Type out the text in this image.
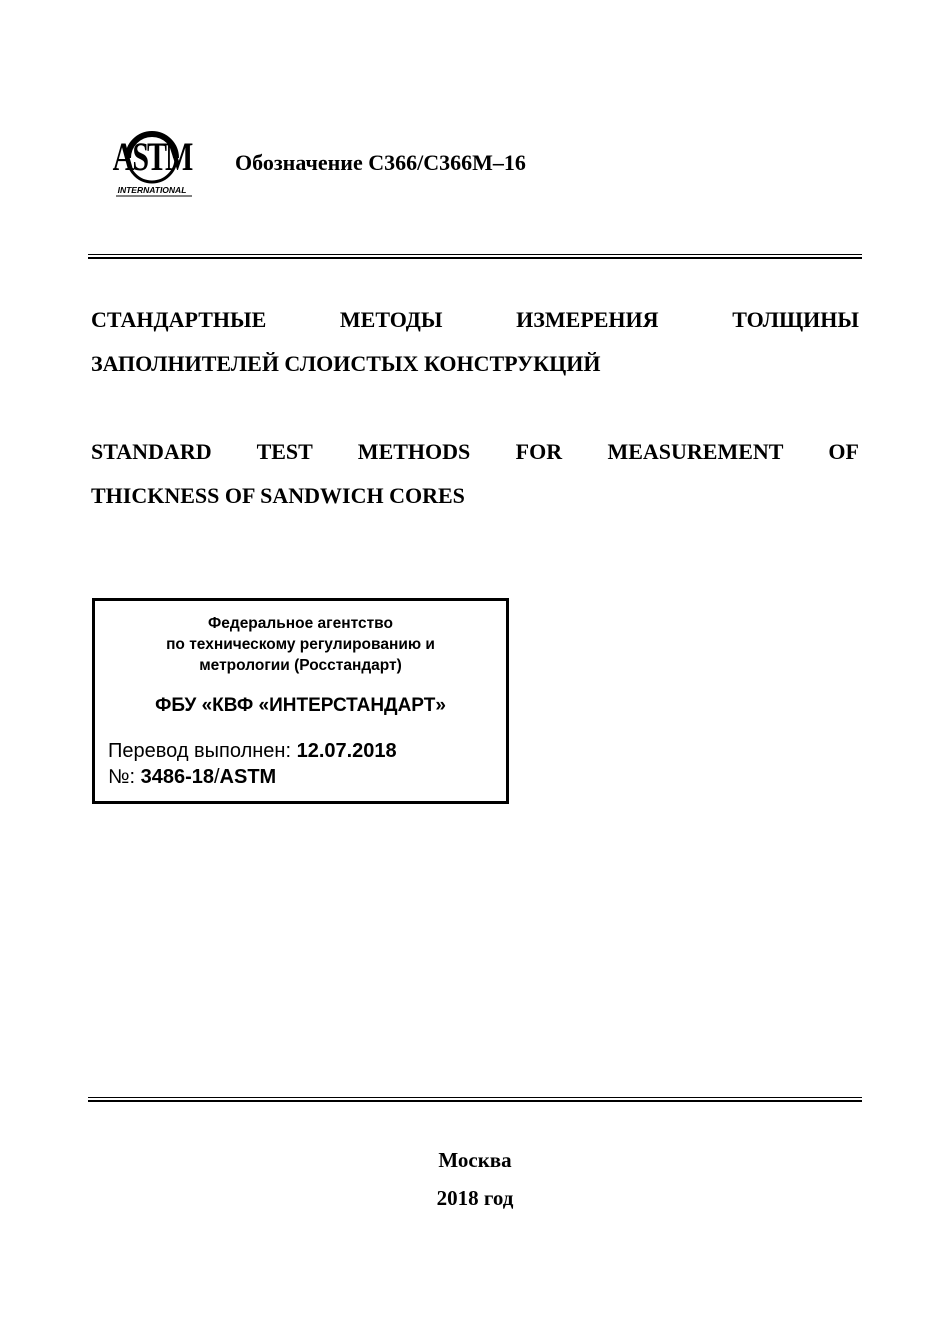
ASTM
INTERNATIONAL
Обозначение C366/C366M–16
СТАНДАРТНЫЕ МЕТОДЫ ИЗМЕРЕНИЯ ТОЛЩИНЫ
ЗАПОЛНИТЕЛЕЙ СЛОИСТЫХ КОНСТРУКЦИЙ
STANDARD TEST METHODS FOR MEASUREMENT OF
THICKNESS OF SANDWICH CORES
Федеральное агентство
по техническому регулированию и
метрологии (Росстандарт)
ФБУ «КВФ «ИНТЕРСТАНДАРТ»
Перевод выполнен: 12.07.2018
№: 3486-18/ASTM
Москва
2018 год
